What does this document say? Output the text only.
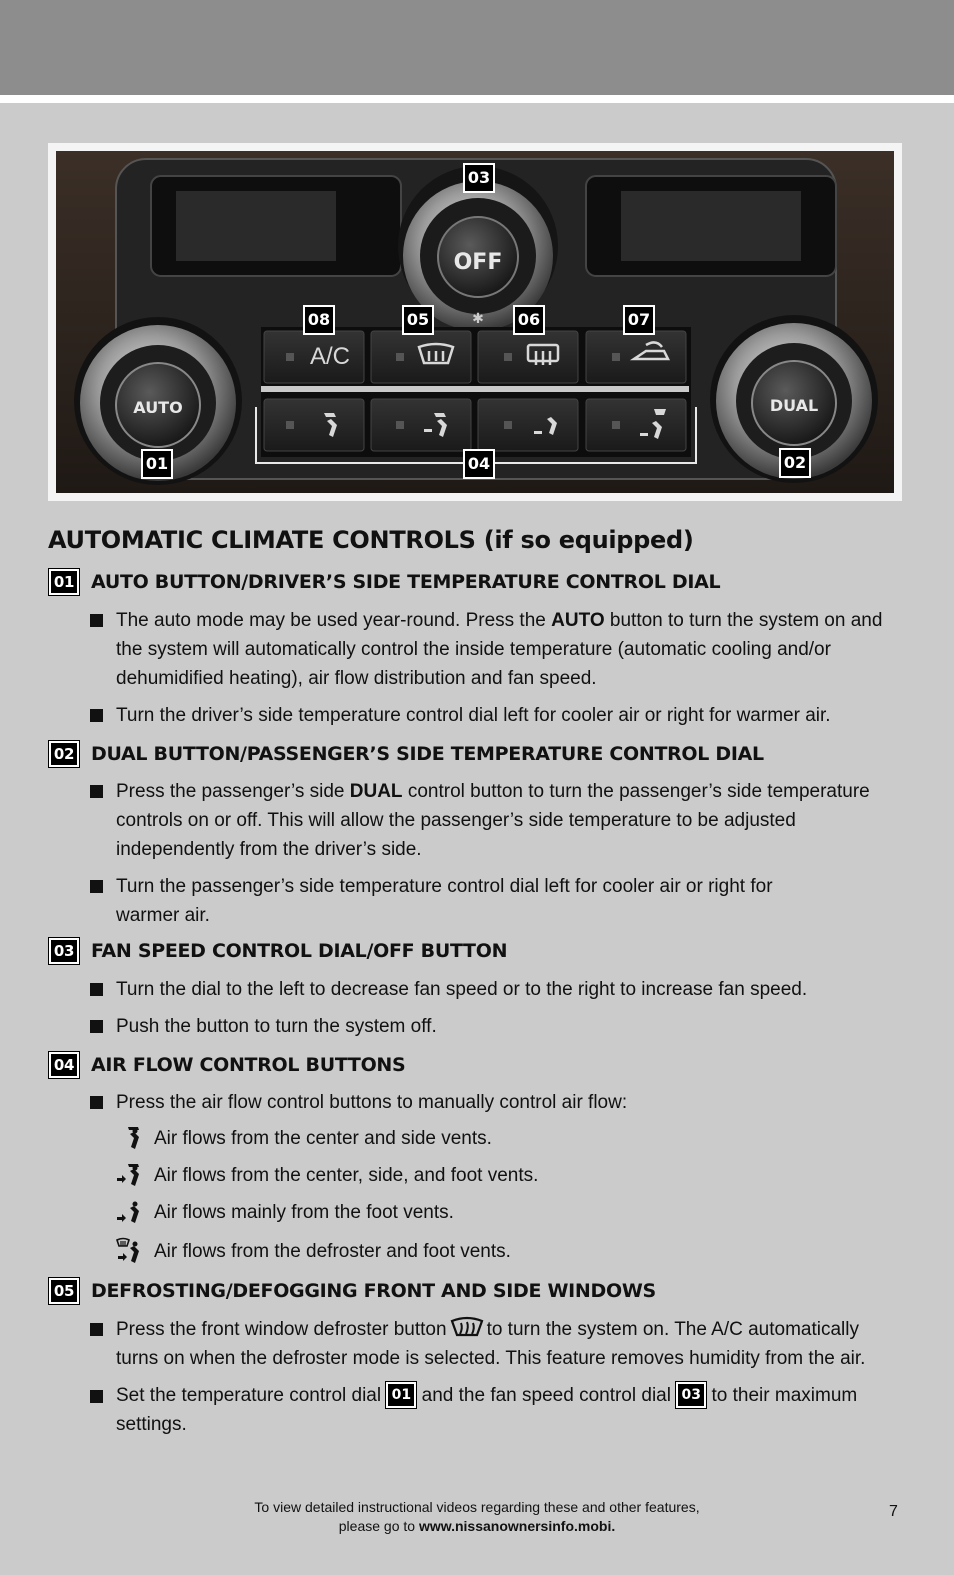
OFF
✱
A/C
AUTO	DUAL
03
08	05	06	07
01	04	02
AUTOMATIC CLIMATE CONTROLS (if so equipped)
01 AUTO BUTTON/DRIVER’S SIDE TEMPERATURE CONTROL DIAL

The auto mode may be used year-round. Press the AUTO button to turn the system on and the system will automatically control the inside temperature (automatic cooling and/or dehumidified heating), air flow distribution and fan speed.

Turn the driver’s side temperature control dial left for cooler air or right for warmer air.

02 DUAL BUTTON/PASSENGER’S SIDE TEMPERATURE CONTROL DIAL

Press the passenger’s side DUAL control button to turn the passenger’s side temperature controls on or off. This will allow the passenger’s side temperature to be adjusted independently from the driver’s side.

Turn the passenger’s side temperature control dial left for cooler air or right for warmer air.

03 FAN SPEED CONTROL DIAL/OFF BUTTON

Turn the dial to the left to decrease fan speed or to the right to increase fan speed.

Push the button to turn the system off.

04 AIR FLOW CONTROL BUTTONS

Press the air flow control buttons to manually control air flow:

Air flows from the center and side vents.
Air flows from the center, side, and foot vents.
Air flows mainly from the foot vents.
Air flows from the defroster and foot vents.
05 DEFROSTING/DEFOGGING FRONT AND SIDE WINDOWS

Press the front window defroster button to turn the system on. The A/C automatically turns on when the defroster mode is selected. This feature removes humidity from the air.

Set the temperature control dial 01 and the fan speed control dial 03 to their maximum settings.

To view detailed instructional videos regarding these and other features,
please go to www.nissanownersinfo.mobi.
7
